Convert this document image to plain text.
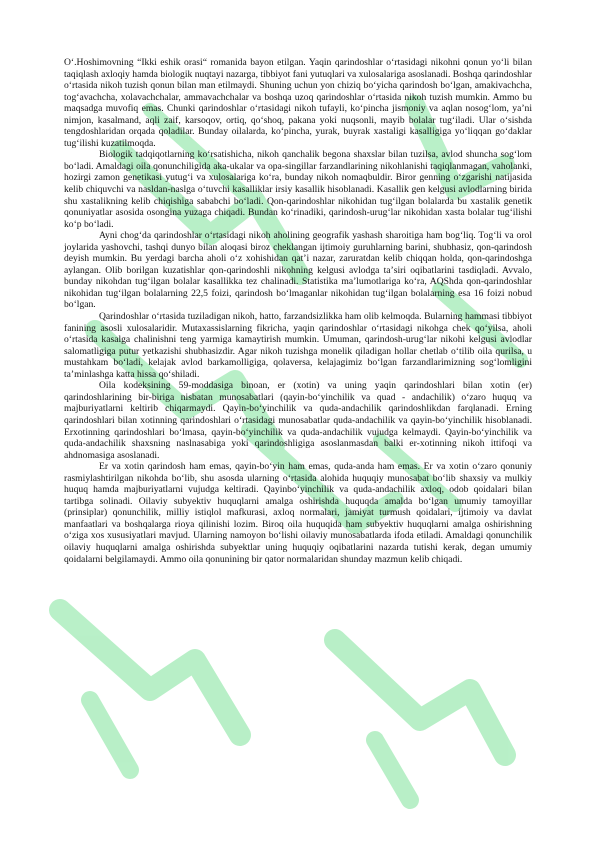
Oʻ.Hoshimovning “Ikki eshik orasi“ romanida bayon etilgan. Yaqin qarindoshlar oʻrtasidagi nikohni qonun yoʻli bilan taqiqlash axloqiy hamda biologik nuqtayi nazarga, tibbiyot fani yutuqlari va xulosalariga asoslanadi. Boshqa qarindoshlar oʻrtasida nikoh tuzish qonun bilan man etilmaydi. Shuning uchun yon chiziq boʻyicha qarindosh boʻlgan, amakivachcha, togʻavachcha, xolavachchalar, ammavachchalar va boshqa uzoq qarindoshlar oʻrtasida nikoh tuzish mumkin. Ammo bu maqsadga muvofiq emas. Chunki qarindoshlar oʻrtasidagi nikoh tufayli, koʻpincha jismoniy va aqlan nosogʻlom, yaʼni nimjon, kasalmand, aqli zaif, karsoqov, ortiq, qoʻshoq, pakana yoki nuqsonli, mayib bolalar tugʻiladi. Ular oʻsishda tengdoshlaridan orqada qoladilar. Bunday oilalarda, koʻpincha, yurak, buyrak xastaligi kasalligiga yoʻliqqan goʻdaklar tugʻilishi kuzatilmoqda.

Biologik tadqiqotlarning koʻrsatishicha, nikoh qanchalik begona shaxslar bilan tuzilsa, avlod shuncha sogʻlom boʻladi. Amaldagi oila qonunchiligida aka-ukalar va opa-singillar farzandlarining nikohlanishi taqiqlanmagan, vaholanki, hozirgi zamon genetikasi yutugʻi va xulosalariga koʻra, bunday nikoh nomaqbuldir. Biror genning oʻzgarishi natijasida kelib chiquvchi va nasldan-naslga oʻtuvchi kasalliklar irsiy kasallik hisoblanadi. Kasallik gen kelgusi avlodlarning birida shu xastalikning kelib chiqishiga sababchi boʻladi. Qon-qarindoshlar nikohidan tugʻilgan bolalarda bu xastalik genetik qonuniyatlar asosida osongina yuzaga chiqadi. Bundan koʻrinadiki, qarindosh-urugʻlar nikohidan xasta bolalar tugʻilishi koʻp boʻladi.

Ayni chogʻda qarindoshlar oʻrtasidagi nikoh aholining geografik yashash sharoitiga ham bogʻliq. Togʻli va orol joylarida yashovchi, tashqi dunyo bilan aloqasi biroz cheklangan ijtimoiy guruhlarning barini, shubhasiz, qon-qarindosh deyish mumkin. Bu yerdagi barcha aholi oʻz xohishidan qatʼi nazar, zaruratdan kelib chiqqan holda, qon-qarindoshga aylangan. Olib borilgan kuzatishlar qon-qarindoshli nikohning kelgusi avlodga taʼsiri oqibatlarini tasdiqladi. Avvalo, bunday nikohdan tugʻilgan bolalar kasallikka tez chalinadi. Statistika maʼlumotlariga koʻra, AQShda qon-qarindoshlar nikohidan tugʻilgan bolalarning 22,5 foizi, qarindosh boʻlmaganlar nikohidan tugʻilgan bolalarning esa 16 foizi nobud boʻlgan.

Qarindoshlar oʻrtasida tuziladigan nikoh, hatto, farzandsizlikka ham olib kelmoqda. Bularning hammasi tibbiyot fanining asosli xulosalaridir. Mutaxassislarning fikricha, yaqin qarindoshlar oʻrtasidagi nikohga chek qoʻyilsa, aholi oʻrtasida kasalga chalinishni teng yarmiga kamaytirish mumkin. Umuman, qarindosh-urugʻlar nikohi kelgusi avlodlar salomatligiga putur yetkazishi shubhasizdir. Agar nikoh tuzishga monelik qiladigan hollar chetlab oʻtilib oila qurilsa, u mustahkam boʻladi, kelajak avlod barkamolligiga, qolaversa, kelajagimiz boʻlgan farzandlarimizning sogʻlomligini taʼminlashga katta hissa qoʻshiladi.

Oila kodeksining 59-moddasiga binoan, er (xotin) va uning yaqin qarindoshlari bilan xotin (er) qarindoshlarining bir-biriga nisbatan munosabatlari (qayin-boʻyinchilik va quad - andachilik) oʻzaro huquq va majburiyatlarni keltirib chiqarmaydi. Qayin-boʻyinchilik va quda-andachilik qarindoshlikdan farqlanadi. Erning qarindoshlari bilan xotinning qarindoshlari oʻrtasidagi munosabatlar quda-andachilik va qayin-boʻyinchilik hisoblanadi. Erxotinning qarindoshlari boʻlmasa, qayin-boʻyinchilik va quda-andachilik vujudga kelmaydi. Qayin-boʻyinchilik va quda-andachilik shaxsning naslnasabiga yoki qarindoshligiga asoslanmasdan balki er-xotinning nikoh ittifoqi va ahdnomasiga asoslanadi.

Er va xotin qarindosh ham emas, qayin-boʻyin ham emas, quda-anda ham emas. Er va xotin oʻzaro qonuniy rasmiylashtirilgan nikohda boʻlib, shu asosda ularning oʻrtasida alohida huquqiy munosabat boʻlib shaxsiy va mulkiy huquq hamda majburiyatlarni vujudga keltiradi. Qayinboʻyinchilik va quda-andachilik axloq, odob qoidalari bilan tartibga solinadi. Oilaviy subyektiv huquqlarni amalga oshirishda huquqda amalda boʻlgan umumiy tamoyillar (prinsiplar) qonunchilik, milliy istiqlol mafkurasi, axloq normalari, jamiyat turmush qoidalari, ijtimoiy va davlat manfaatlari va boshqalarga rioya qilinishi lozim. Biroq oila huquqida ham subyektiv huquqlarni amalga oshirishning oʻziga xos xususiyatlari mavjud. Ularning namoyon boʻlishi oilaviy munosabatlarda ifoda etiladi. Amaldagi qonunchilik oilaviy huquqlarni amalga oshirishda subyektlar uning huquqiy oqibatlarini nazarda tutishi kerak, degan umumiy qoidalarni belgilamaydi. Ammo oila qonunining bir qator normalaridan shunday mazmun kelib chiqadi.
